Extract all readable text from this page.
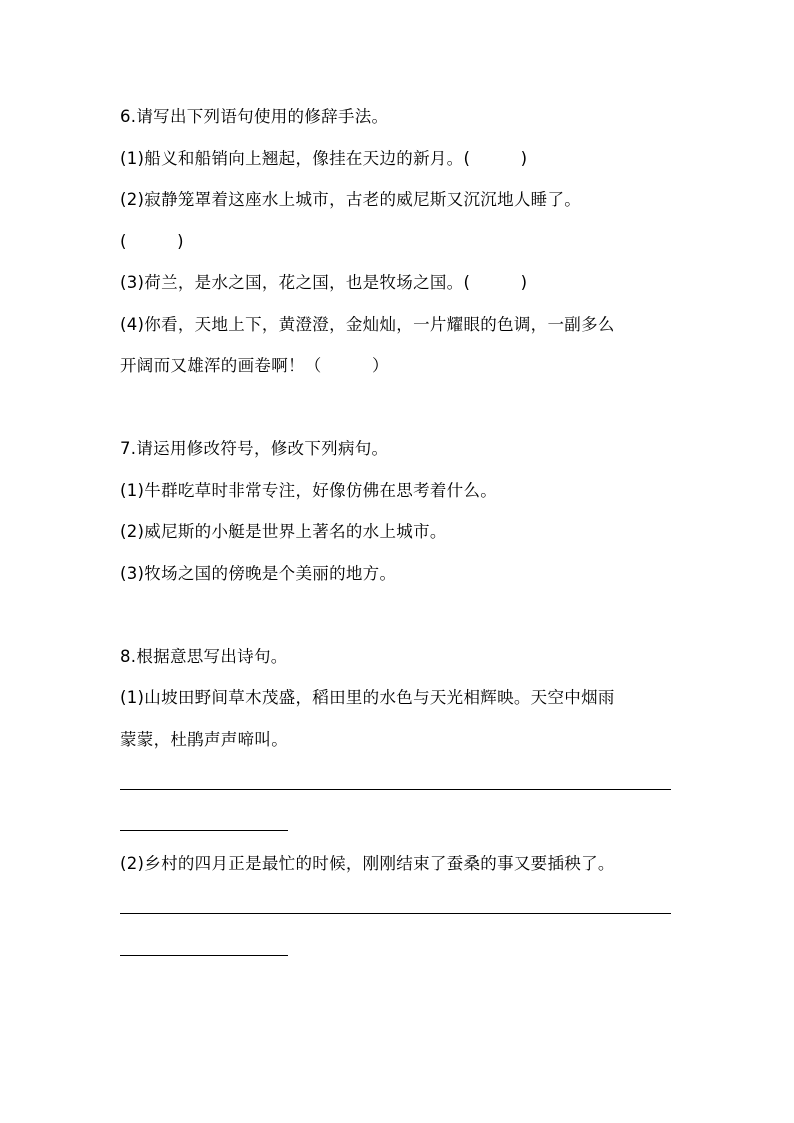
6.请写出下列语句使用的修辞手法。
(1)船义和船销向上翘起，像挂在天边的新月。(　　　)
(2)寂静笼罩着这座水上城市，古老的威尼斯又沉沉地人睡了。
(　　　)
(3)荷兰，是水之国，花之国，也是牧场之国。(　　　)
(4)你看，天地上下，黄澄澄，金灿灿，一片耀眼的色调，一副多么
开阔而又雄浑的画卷啊！（　　　）
7.请运用修改符号，修改下列病句。
(1)牛群吃草时非常专注，好像仿佛在思考着什么。
(2)威尼斯的小艇是世界上著名的水上城市。
(3)牧场之国的傍晚是个美丽的地方。
8.根据意思写出诗句。
(1)山坡田野间草木茂盛，稻田里的水色与天光相辉映。天空中烟雨
蒙蒙，杜鹃声声啼叫。
(2)乡村的四月正是最忙的时候，刚刚结束了蚕桑的事又要插秧了。
